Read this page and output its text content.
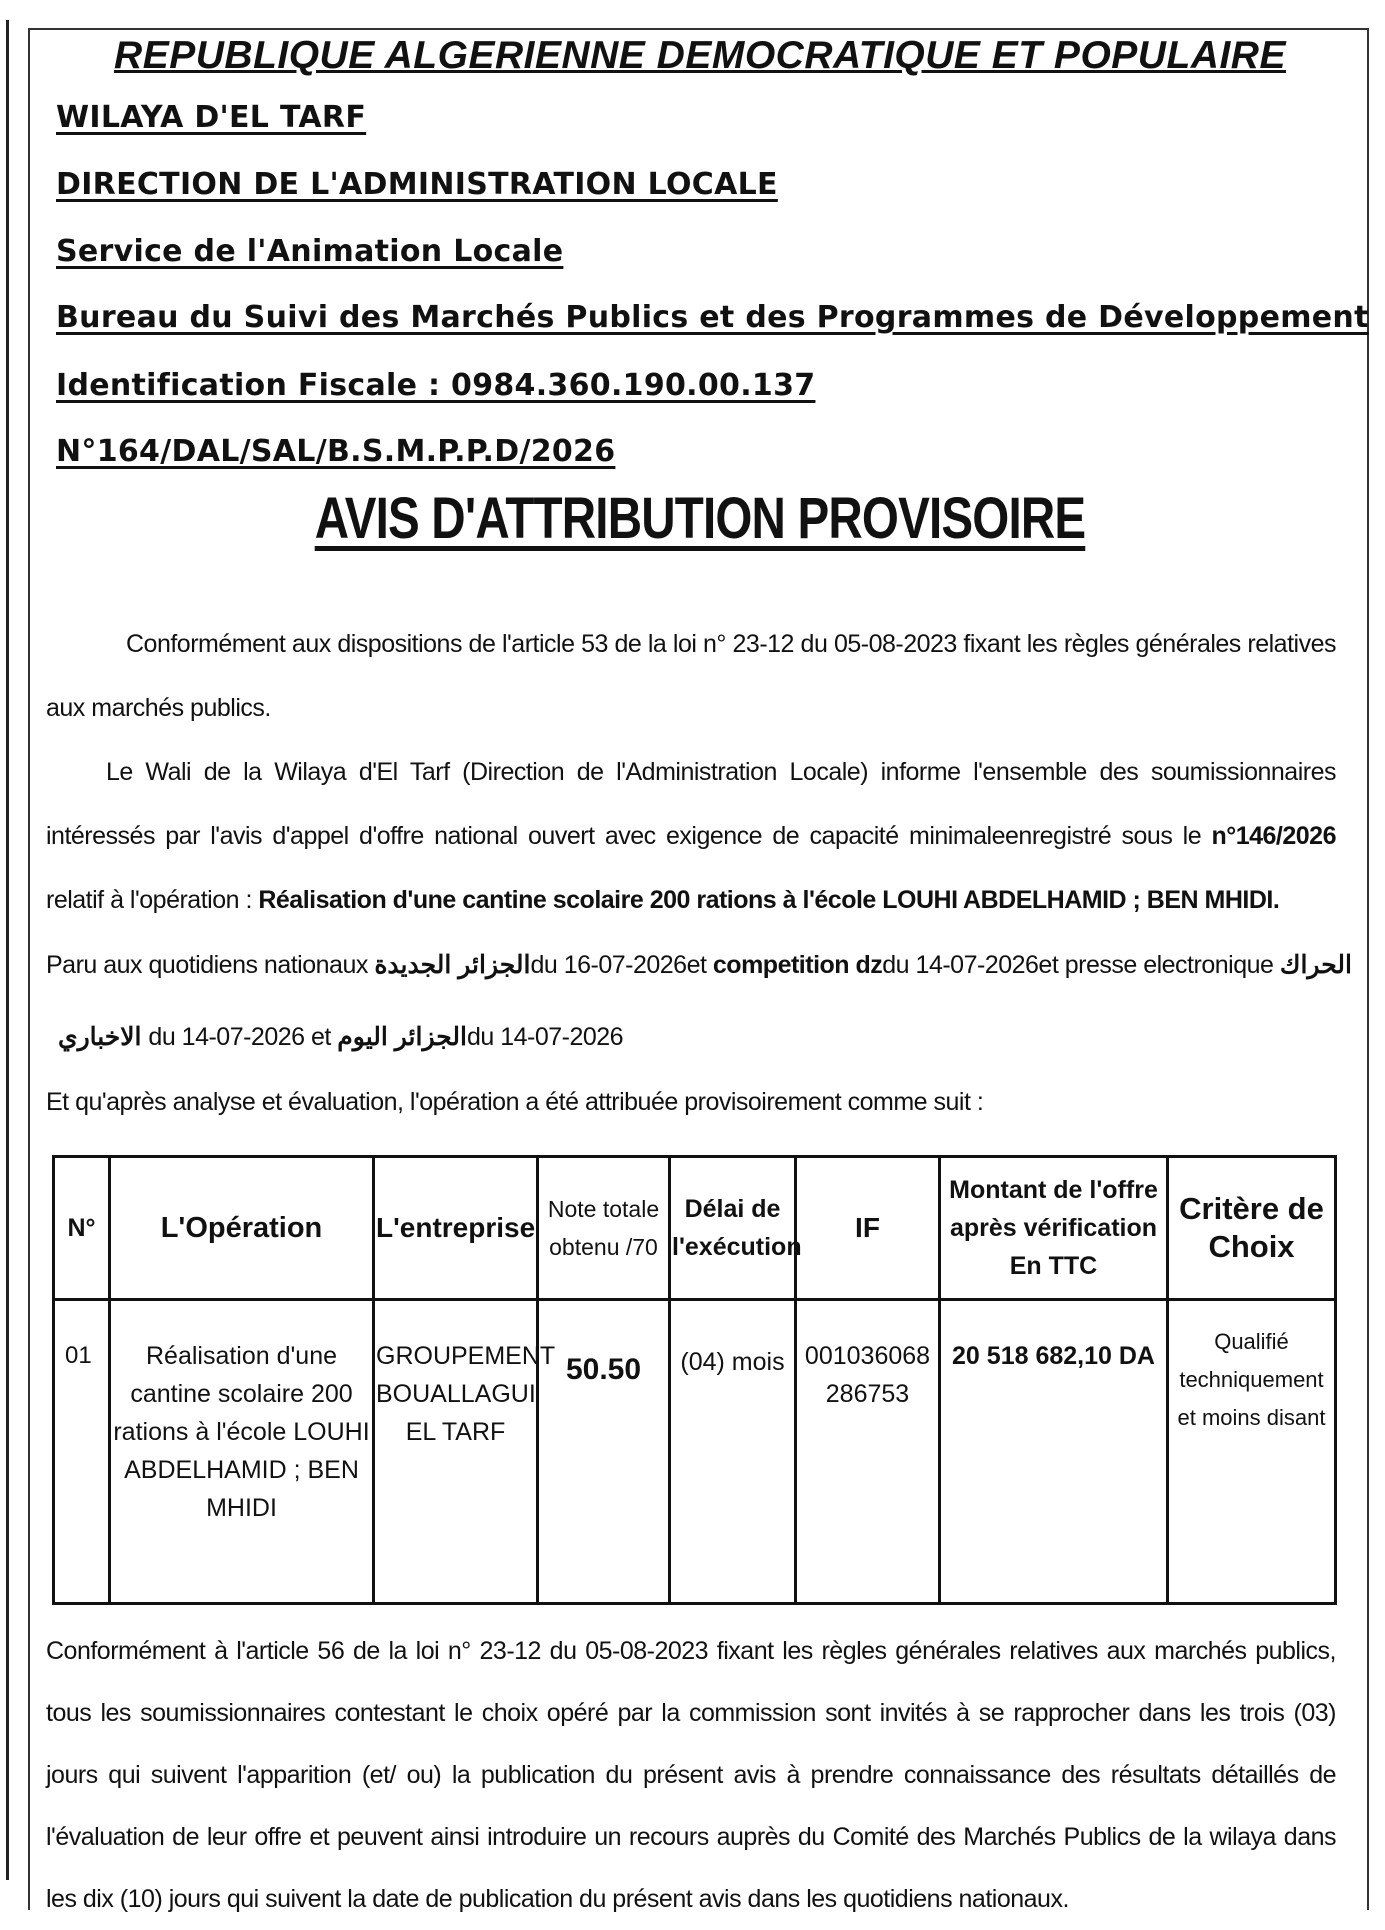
REPUBLIQUE ALGERIENNE DEMOCRATIQUE ET POPULAIRE
WILAYA D'EL TARF
DIRECTION DE L'ADMINISTRATION LOCALE
Service de l'Animation Locale
Bureau du Suivi des Marchés Publics et des Programmes de Développement
Identification Fiscale : 0984.360.190.00.137
N°164/DAL/SAL/B.S.M.P.P.D/2026
AVIS D'ATTRIBUTION PROVISOIRE
Conformément aux dispositions de l'article 53 de la loi n° 23-12 du 05-08-2023 fixant les règles générales relatives aux marchés publics.
Le Wali de la Wilaya d'El Tarf (Direction de l'Administration Locale) informe l'ensemble des soumissionnaires intéressés par l'avis d'appel d'offre national ouvert avec exigence de capacité minimaleenregistré sous le n°146/2026 relatif à l'opération : Réalisation d'une cantine scolaire 200 rations à l'école LOUHI ABDELHAMID ; BEN MHIDI.
Paru aux quotidiens nationaux الجزائر الجديدةdu 16-07-2026et competition dzdu 14-07-2026et presse electronique الحراك
الاخباري du 14-07-2026 et الجزائر اليومdu 14-07-2026
Et qu'après analyse et évaluation, l'opération a été attribuée provisoirement comme suit :
N°	L'Opération	L'entreprise	Note totale obtenu /70	Délai de l'exécution	IF	Montant de l'offre après vérification En TTC	Critère de Choix
01	Réalisation d'une cantine scolaire 200 rations à l'école LOUHI ABDELHAMID ; BEN MHIDI	GROUPEMENT BOUALLAGUI EL TARF	50.50	(04) mois	001036068 286753	20 518 682,10 DA	Qualifié techniquement et moins disant
Conformément à l'article 56 de la loi n° 23-12 du 05-08-2023 fixant les règles générales relatives aux marchés publics, tous les soumissionnaires contestant le choix opéré par la commission sont invités à se rapprocher dans les trois (03) jours qui suivent l'apparition (et/ ou) la publication du présent avis à prendre connaissance des résultats détaillés de l'évaluation de leur offre et peuvent ainsi introduire un recours auprès du Comité des Marchés Publics de la wilaya dans les dix (10) jours qui suivent la date de publication du présent avis dans les quotidiens nationaux.
